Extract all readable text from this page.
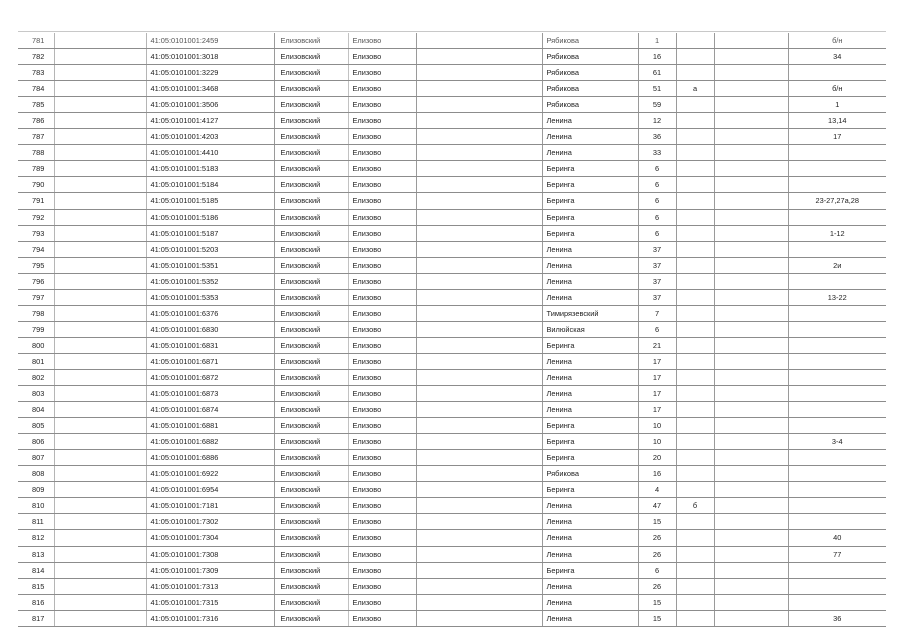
781		41:05:0101001:2459	Елизовский	Елизово		Рябикова	1			б/н
782		41:05:0101001:3018	Елизовский	Елизово		Рябикова	16			34
783		41:05:0101001:3229	Елизовский	Елизово		Рябикова	61			
784		41:05:0101001:3468	Елизовский	Елизово		Рябикова	51	а		б/н
785		41:05:0101001:3506	Елизовский	Елизово		Рябикова	59			1
786		41:05:0101001:4127	Елизовский	Елизово		Ленина	12			13,14
787		41:05:0101001:4203	Елизовский	Елизово		Ленина	36			17
788		41:05:0101001:4410	Елизовский	Елизово		Ленина	33			
789		41:05:0101001:5183	Елизовский	Елизово		Беринга	6			
790		41:05:0101001:5184	Елизовский	Елизово		Беринга	6			
791		41:05:0101001:5185	Елизовский	Елизово		Беринга	6			23-27,27а,28
792		41:05:0101001:5186	Елизовский	Елизово		Беринга	6			
793		41:05:0101001:5187	Елизовский	Елизово		Беринга	6			1-12
794		41:05:0101001:5203	Елизовский	Елизово		Ленина	37			
795		41:05:0101001:5351	Елизовский	Елизово		Ленина	37			2и
796		41:05:0101001:5352	Елизовский	Елизово		Ленина	37			
797		41:05:0101001:5353	Елизовский	Елизово		Ленина	37			13-22
798		41:05:0101001:6376	Елизовский	Елизово		Тимирязевский	7			
799		41:05:0101001:6830	Елизовский	Елизово		Вилюйская	6			
800		41:05:0101001:6831	Елизовский	Елизово		Беринга	21			
801		41:05:0101001:6871	Елизовский	Елизово		Ленина	17			
802		41:05:0101001:6872	Елизовский	Елизово		Ленина	17			
803		41:05:0101001:6873	Елизовский	Елизово		Ленина	17			
804		41:05:0101001:6874	Елизовский	Елизово		Ленина	17			
805		41:05:0101001:6881	Елизовский	Елизово		Беринга	10			
806		41:05:0101001:6882	Елизовский	Елизово		Беринга	10			3-4
807		41:05:0101001:6886	Елизовский	Елизово		Беринга	20			
808		41:05:0101001:6922	Елизовский	Елизово		Рябикова	16			
809		41:05:0101001:6954	Елизовский	Елизово		Беринга	4			
810		41:05:0101001:7181	Елизовский	Елизово		Ленина	47	б		
811		41:05:0101001:7302	Елизовский	Елизово		Ленина	15			
812		41:05:0101001:7304	Елизовский	Елизово		Ленина	26			40
813		41:05:0101001:7308	Елизовский	Елизово		Ленина	26			77
814		41:05:0101001:7309	Елизовский	Елизово		Беринга	6			
815		41:05:0101001:7313	Елизовский	Елизово		Ленина	26			
816		41:05:0101001:7315	Елизовский	Елизово		Ленина	15			
817		41:05:0101001:7316	Елизовский	Елизово		Ленина	15			36
